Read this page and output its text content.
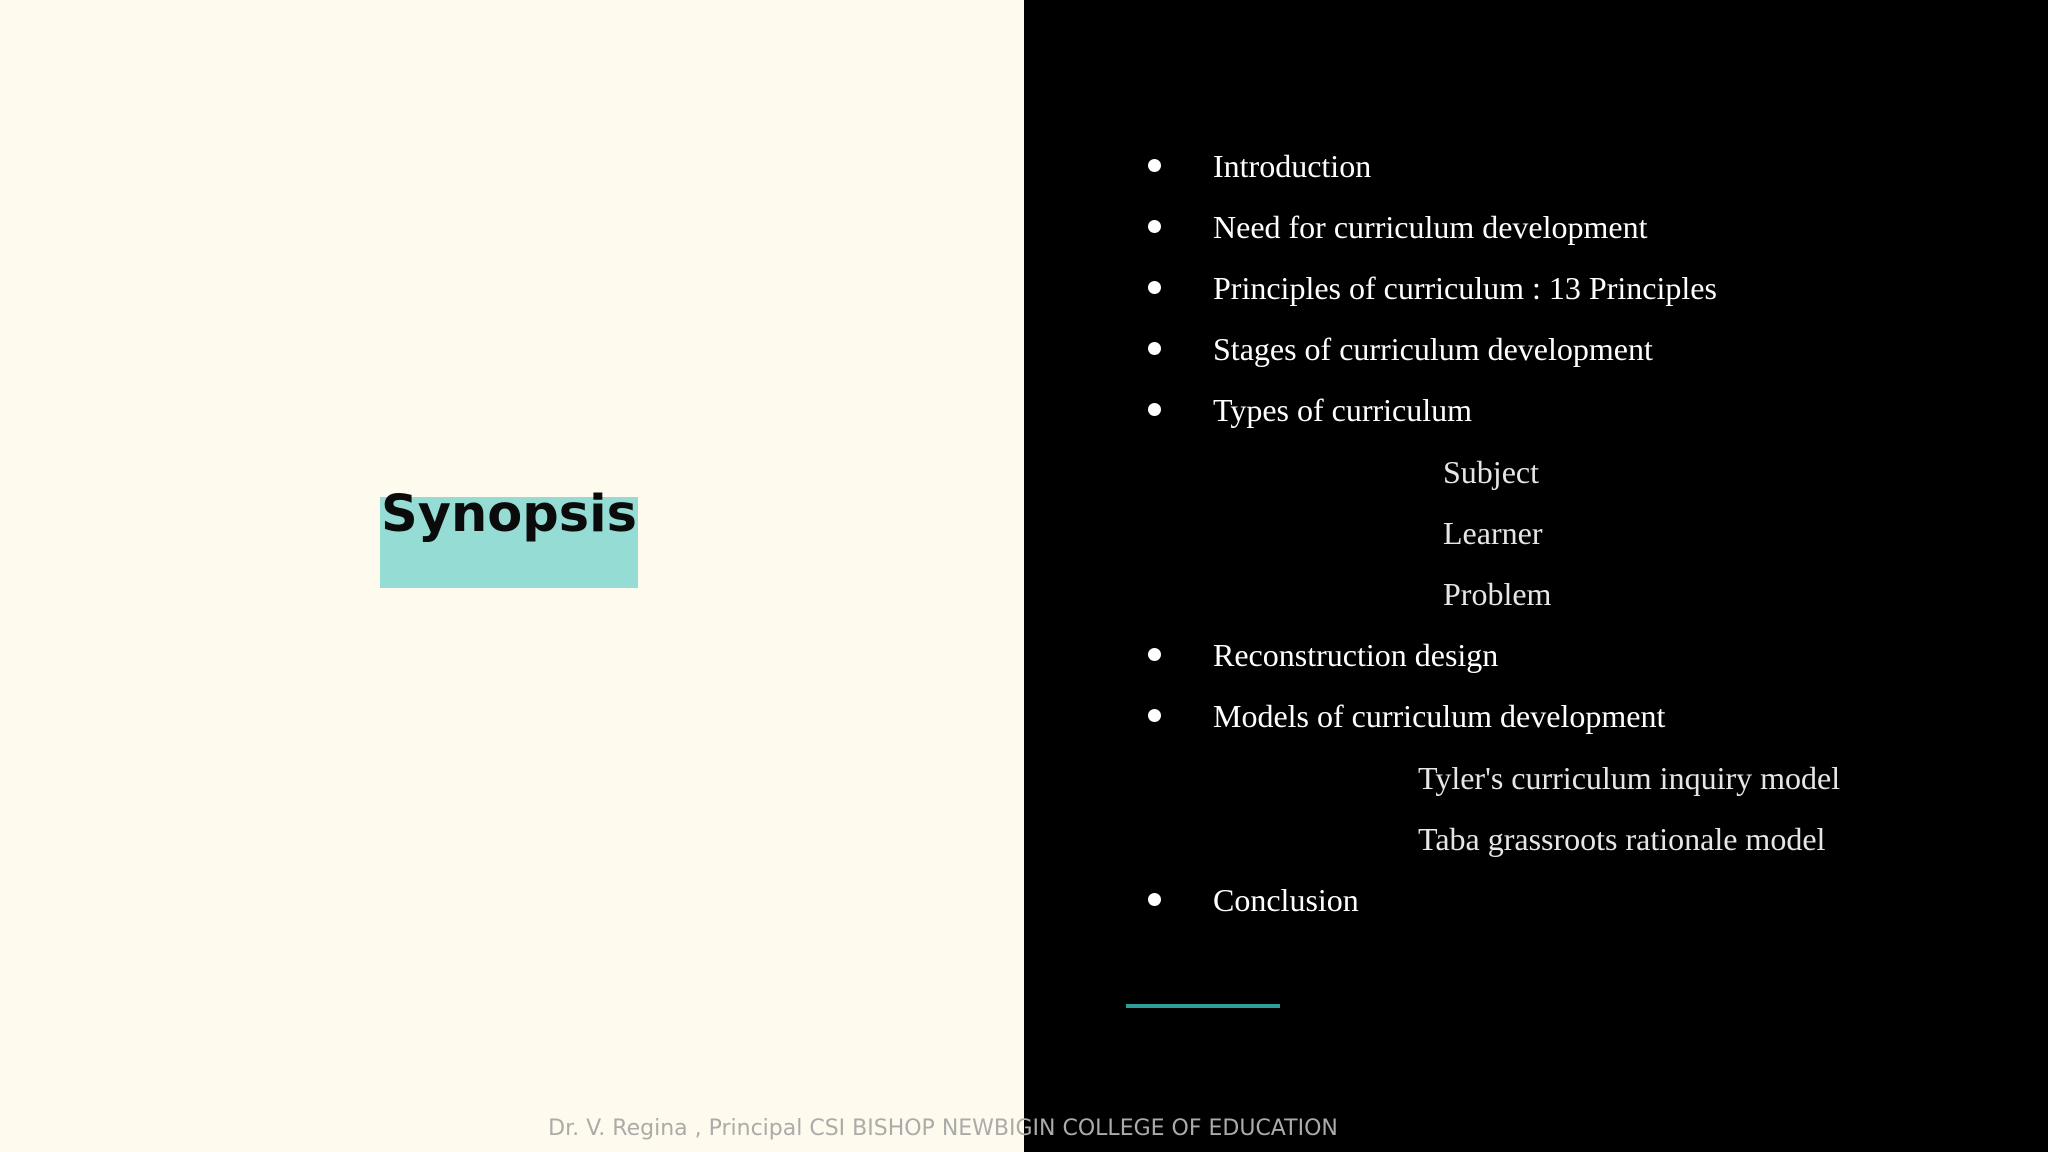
Synopsis
Introduction
Need for curriculum development
Principles of curriculum : 13 Principles
Stages of curriculum development
Types of curriculum
Subject
Learner
Problem
Reconstruction design
Models of curriculum development
Tyler's curriculum inquiry model
Taba grassroots rationale model
Conclusion
Dr. V. Regina , Principal CSI BISHOP NEWBIGIN COLLEGE OF EDUCATION
